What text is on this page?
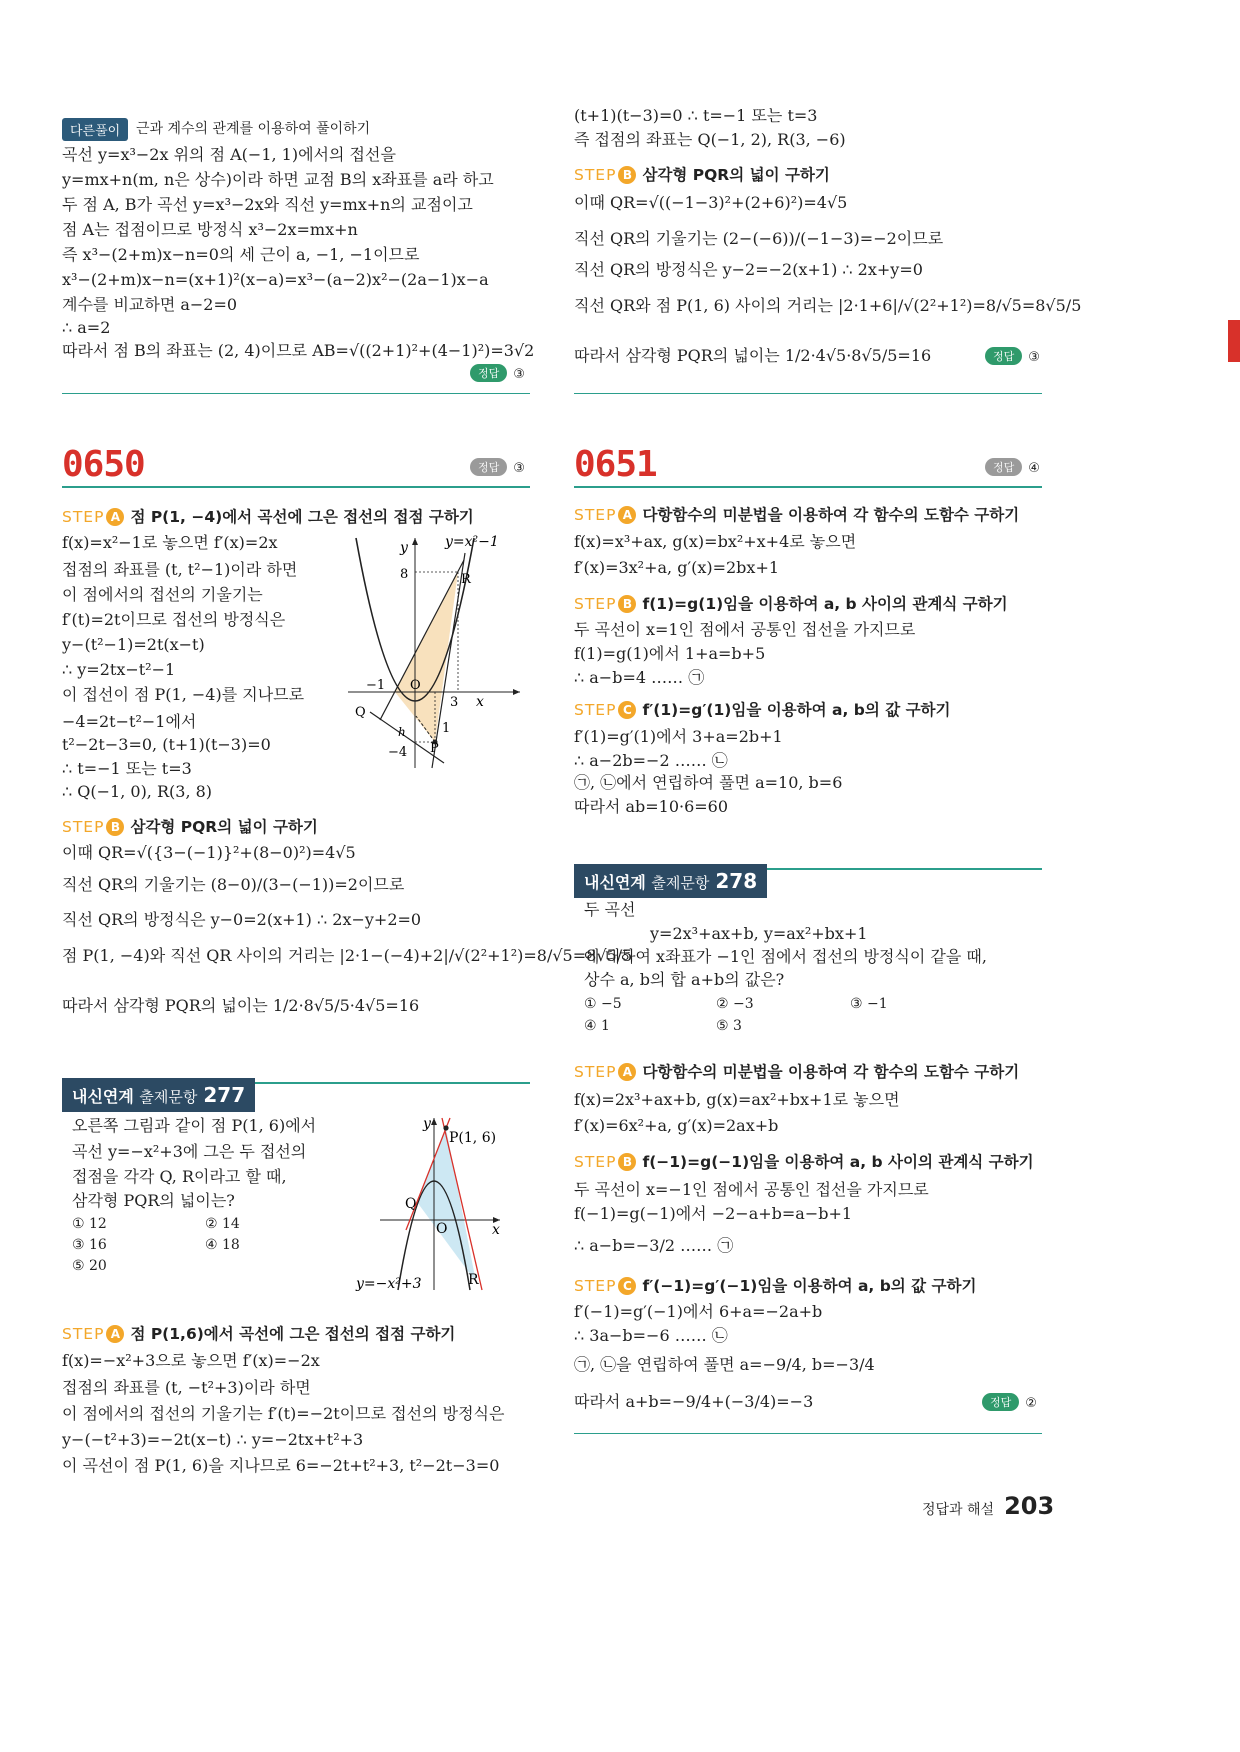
다른풀이	근과 계수의 관계를 이용하여 풀이하기
곡선 y=x³−2x 위의 점 A(−1, 1)에서의 접선을
y=mx+n(m, n은 상수)이라 하면 교점 B의 x좌표를 a라 하고
두 점 A, B가 곡선 y=x³−2x와 직선 y=mx+n의 교점이고
점 A는 접점이므로 방정식 x³−2x=mx+n
즉 x³−(2+m)x−n=0의 세 근이 a, −1, −1이므로
x³−(2+m)x−n=(x+1)²(x−a)=x³−(a−2)x²−(2a−1)x−a
계수를 비교하면 a−2=0
∴ a=2
따라서 점 B의 좌표는 (2, 4)이므로 AB=√((2+1)²+(4−1)²)=3√2
정답 ③
0650	정답 ③
STEP A 점 P(1, −4)에서 곡선에 그은 접선의 접점 구하기
f(x)=x²−1로 놓으면 f′(x)=2x
접점의 좌표를 (t, t²−1)이라 하면
이 점에서의 접선의 기울기는
f′(t)=2t이므로 접선의 방정식은
y−(t²−1)=2t(x−t)
∴ y=2tx−t²−1
이 접선이 점 P(1, −4)를 지나므로
−4=2t−t²−1에서
t²−2t−3=0, (t+1)(t−3)=0
∴ t=−1 또는 t=3
∴ Q(−1, 0), R(3, 8)
y=x²−1
y
x
O
8
−1
3
−4
1
R
Q
P
h
STEP B 삼각형 PQR의 넓이 구하기
이때 QR=√({3−(−1)}²+(8−0)²)=4√5
직선 QR의 기울기는 (8−0)/(3−(−1))=2이므로
직선 QR의 방정식은 y−0=2(x+1) ∴ 2x−y+2=0
점 P(1, −4)와 직선 QR 사이의 거리는 |2·1−(−4)+2|/√(2²+1²)=8/√5=8√5/5
따라서 삼각형 PQR의 넓이는 1/2·8√5/5·4√5=16
내신연계 출제문항 277
오른쪽 그림과 같이 점 P(1, 6)에서
곡선 y=−x²+3에 그은 두 접선의
접점을 각각 Q, R이라고 할 때,
삼각형 PQR의 넓이는?
① 12	② 14
③ 16	④ 18
⑤ 20
P(1, 6)
Q
R
O	x
y
y=−x²+3
STEP A 점 P(1,6)에서 곡선에 그은 접선의 접점 구하기
f(x)=−x²+3으로 놓으면 f′(x)=−2x
접점의 좌표를 (t, −t²+3)이라 하면
이 점에서의 접선의 기울기는 f′(t)=−2t이므로 접선의 방정식은
y−(−t²+3)=−2t(x−t) ∴ y=−2tx+t²+3
이 곡선이 점 P(1, 6)을 지나므로 6=−2t+t²+3, t²−2t−3=0
(t+1)(t−3)=0 ∴ t=−1 또는 t=3
즉 접점의 좌표는 Q(−1, 2), R(3, −6)
STEP B 삼각형 PQR의 넓이 구하기
이때 QR=√((−1−3)²+(2+6)²)=4√5
직선 QR의 기울기는 (2−(−6))/(−1−3)=−2이므로
직선 QR의 방정식은 y−2=−2(x+1) ∴ 2x+y=0
직선 QR와 점 P(1, 6) 사이의 거리는 |2·1+6|/√(2²+1²)=8/√5=8√5/5
따라서 삼각형 PQR의 넓이는 1/2·4√5·8√5/5=16	정답 ③
0651	정답 ④
STEP A 다항함수의 미분법을 이용하여 각 함수의 도함수 구하기
f(x)=x³+ax, g(x)=bx²+x+4로 놓으면
f′(x)=3x²+a, g′(x)=2bx+1
STEP B f(1)=g(1)임을 이용하여 a, b 사이의 관계식 구하기
두 곡선이 x=1인 점에서 공통인 접선을 가지므로
f(1)=g(1)에서 1+a=b+5
∴ a−b=4 …… ㉠
STEP C f′(1)=g′(1)임을 이용하여 a, b의 값 구하기
f′(1)=g′(1)에서 3+a=2b+1
∴ a−2b=−2 …… ㉡
㉠, ㉡에서 연립하여 풀면 a=10, b=6
따라서 ab=10·6=60
내신연계 출제문항 278
두 곡선
y=2x³+ax+b, y=ax²+bx+1
에 대하여 x좌표가 −1인 점에서 접선의 방정식이 같을 때,
상수 a, b의 합 a+b의 값은?
① −5	② −3	③ −1
④ 1	⑤ 3
STEP A 다항함수의 미분법을 이용하여 각 함수의 도함수 구하기
f(x)=2x³+ax+b, g(x)=ax²+bx+1로 놓으면
f′(x)=6x²+a, g′(x)=2ax+b
STEP B f(−1)=g(−1)임을 이용하여 a, b 사이의 관계식 구하기
두 곡선이 x=−1인 점에서 공통인 접선을 가지므로
f(−1)=g(−1)에서 −2−a+b=a−b+1
∴ a−b=−3/2 …… ㉠
STEP C f′(−1)=g′(−1)임을 이용하여 a, b의 값 구하기
f′(−1)=g′(−1)에서 6+a=−2a+b
∴ 3a−b=−6 …… ㉡
㉠, ㉡을 연립하여 풀면 a=−9/4, b=−3/4
따라서 a+b=−9/4+(−3/4)=−3	정답 ②
정답과 해설 203
